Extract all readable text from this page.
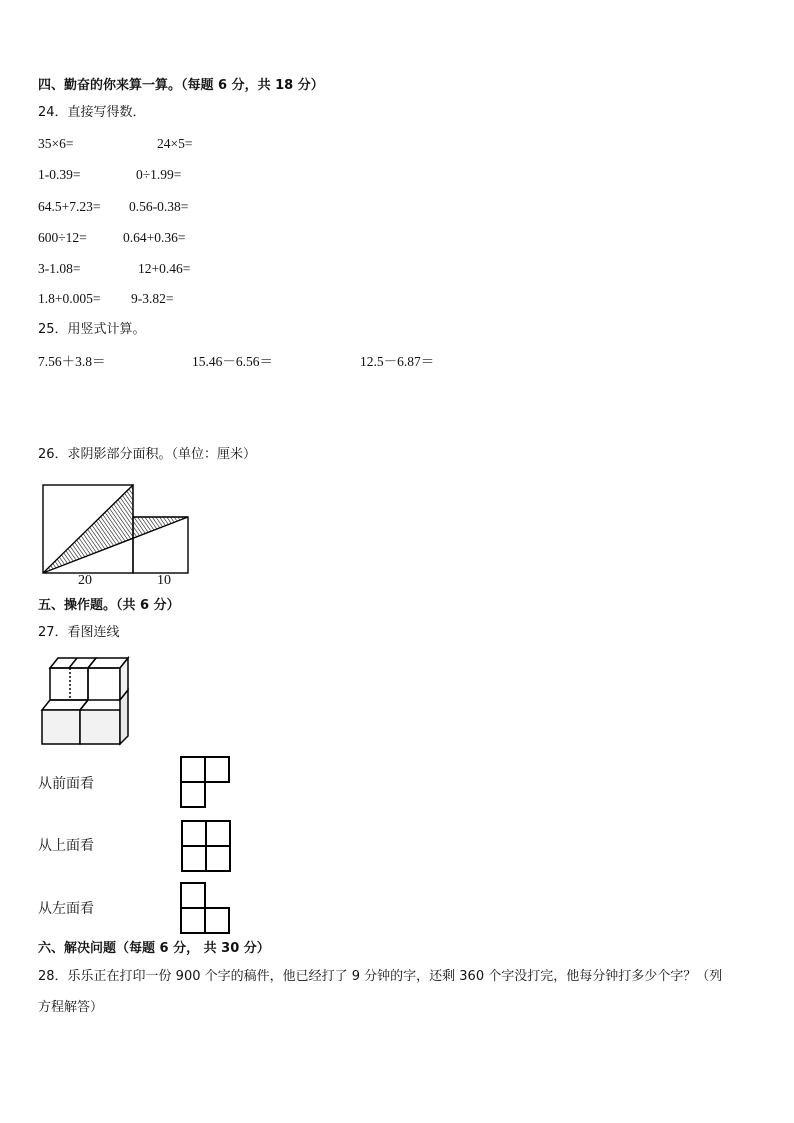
四、勤奋的你来算一算。（每题 6 分，共 18 分）
24．直接写得数．
35×6=	24×5=
1-0.39=	0÷1.99=
64.5+7.23= 0.56-0.38=
600÷12=	0.64+0.36=
3-1.08=	12+0.46=
1.8+0.005= 9-3.82=
25．用竖式计算。
7.56＋3.8＝	15.46－6.56＝	12.5－6.87＝
26．求阴影部分面积。（单位：厘米）
20	10
五、操作题。（共 6 分）
27．看图连线
从前面看
从上面看
从左面看
六、解决问题（每题 6 分， 共 30 分）
28．乐乐正在打印一份 900 个字的稿件，他已经打了 9 分钟的字，还剩 360 个字没打完，他每分钟打多少个字？（列
方程解答）
